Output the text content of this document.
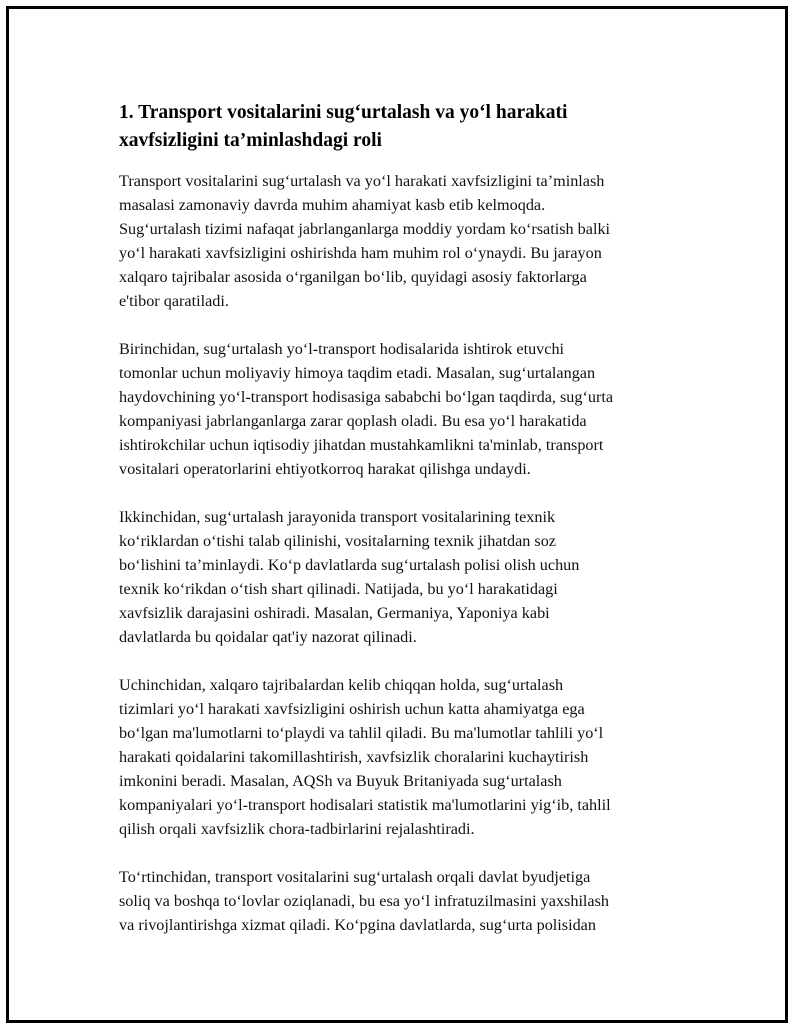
1. Transport vositalarini sug‘urtalash va yo‘l harakati
xavfsizligini ta’minlashdagi roli

Transport vositalarini sug‘urtalash va yo‘l harakati xavfsizligini ta’minlash
masalasi zamonaviy davrda muhim ahamiyat kasb etib kelmoqda.
Sug‘urtalash tizimi nafaqat jabrlanganlarga moddiy yordam ko‘rsatish balki
yo‘l harakati xavfsizligini oshirishda ham muhim rol o‘ynaydi. Bu jarayon
xalqaro tajribalar asosida o‘rganilgan bo‘lib, quyidagi asosiy faktorlarga
e'tibor qaratiladi.

Birinchidan, sug‘urtalash yo‘l-transport hodisalarida ishtirok etuvchi
tomonlar uchun moliyaviy himoya taqdim etadi. Masalan, sug‘urtalangan
haydovchining yo‘l-transport hodisasiga sababchi bo‘lgan taqdirda, sug‘urta
kompaniyasi jabrlanganlarga zarar qoplash oladi. Bu esa yo‘l harakatida
ishtirokchilar uchun iqtisodiy jihatdan mustahkamlikni ta'minlab, transport
vositalari operatorlarini ehtiyotkorroq harakat qilishga undaydi.

Ikkinchidan, sug‘urtalash jarayonida transport vositalarining texnik
ko‘riklardan o‘tishi talab qilinishi, vositalarning texnik jihatdan soz
bo‘lishini ta’minlaydi. Ko‘p davlatlarda sug‘urtalash polisi olish uchun
texnik ko‘rikdan o‘tish shart qilinadi. Natijada, bu yo‘l harakatidagi
xavfsizlik darajasini oshiradi. Masalan, Germaniya, Yaponiya kabi
davlatlarda bu qoidalar qat'iy nazorat qilinadi.

Uchinchidan, xalqaro tajribalardan kelib chiqqan holda, sug‘urtalash
tizimlari yo‘l harakati xavfsizligini oshirish uchun katta ahamiyatga ega
bo‘lgan ma'lumotlarni to‘playdi va tahlil qiladi. Bu ma'lumotlar tahlili yo‘l
harakati qoidalarini takomillashtirish, xavfsizlik choralarini kuchaytirish
imkonini beradi. Masalan, AQSh va Buyuk Britaniyada sug‘urtalash
kompaniyalari yo‘l-transport hodisalari statistik ma'lumotlarini yig‘ib, tahlil
qilish orqali xavfsizlik chora-tadbirlarini rejalashtiradi.

To‘rtinchidan, transport vositalarini sug‘urtalash orqali davlat byudjetiga
soliq va boshqa to‘lovlar oziqlanadi, bu esa yo‘l infratuzilmasini yaxshilash
va rivojlantirishga xizmat qiladi. Ko‘pgina davlatlarda, sug‘urta polisidan
